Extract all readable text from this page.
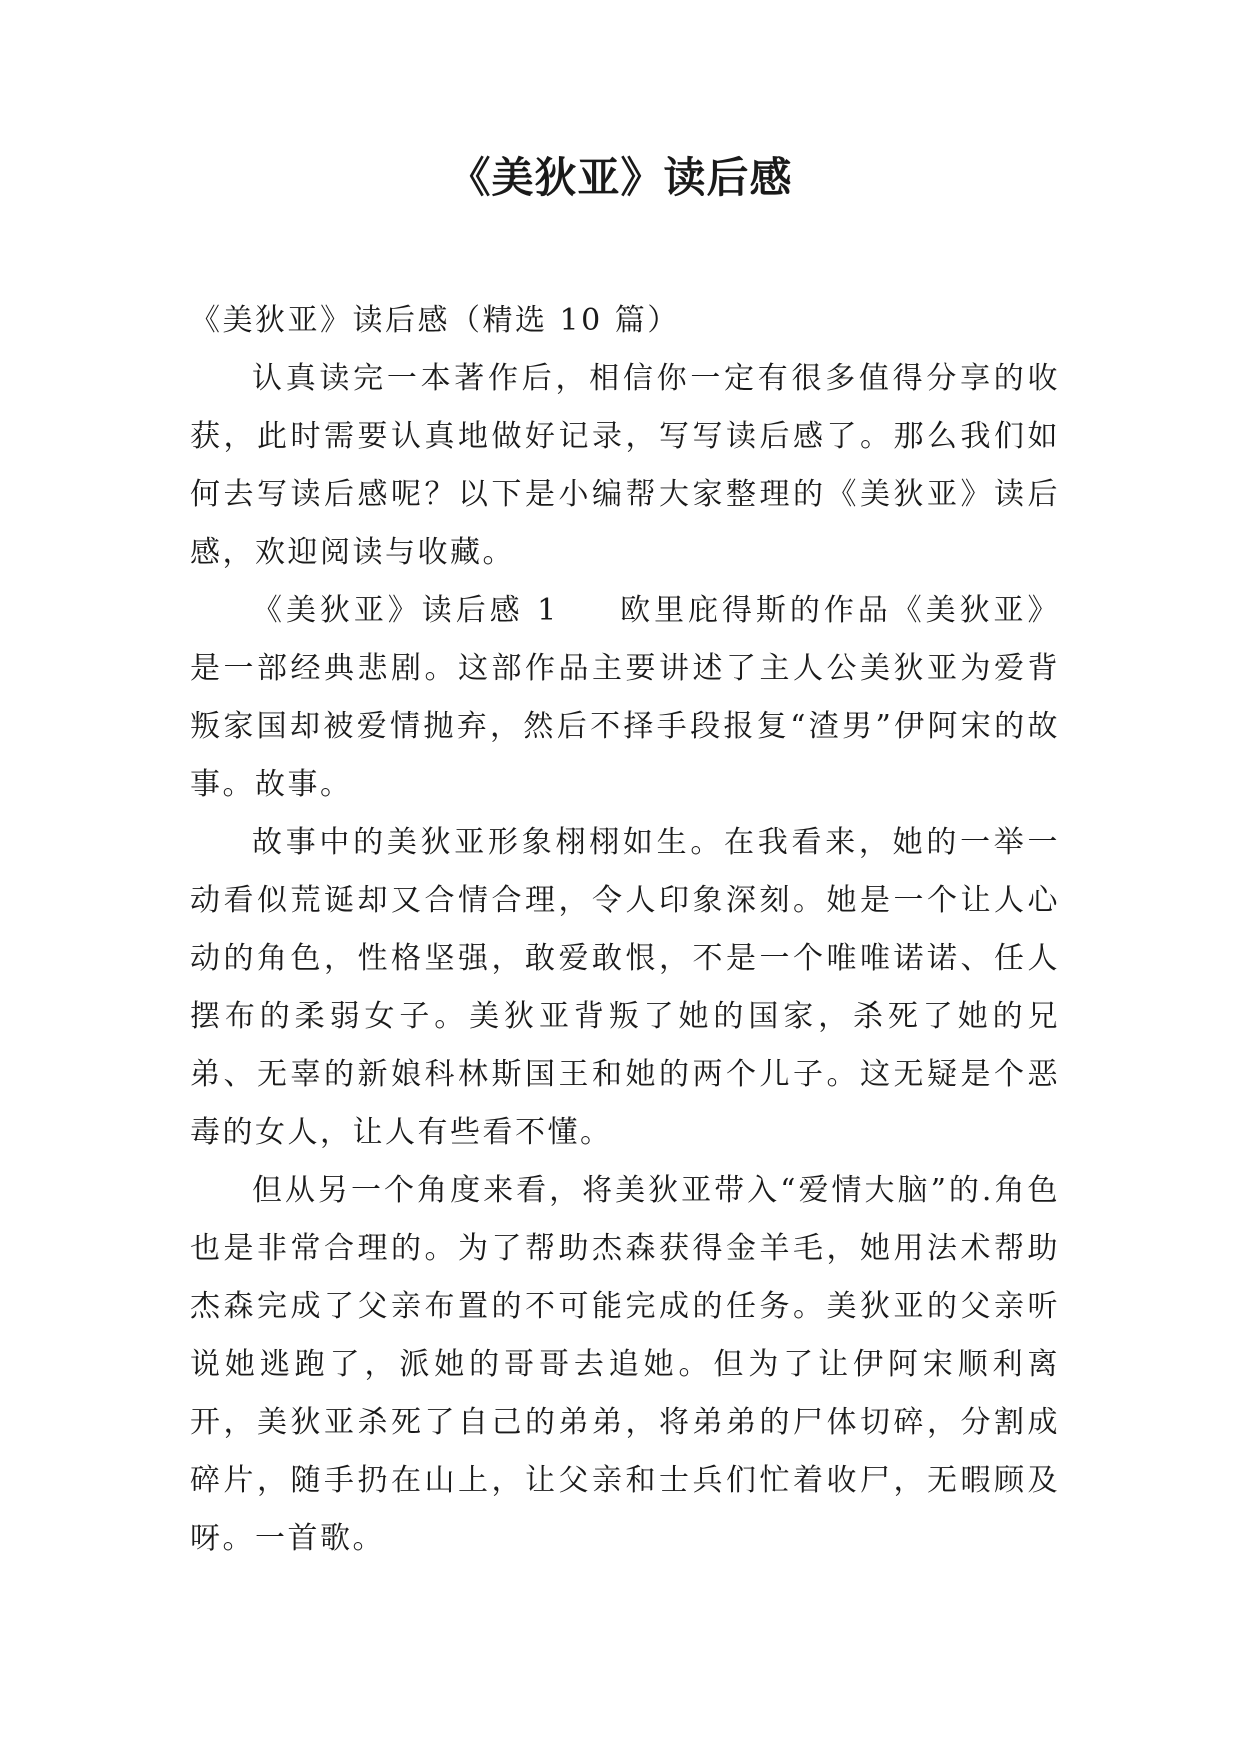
《美狄亚》读后感

《美狄亚》读后感（精选 10 篇）

认真读完一本著作后，相信你一定有很多值得分享的收获，此时需要认真地做好记录，写写读后感了。那么我们如何去写读后感呢？以下是小编帮大家整理的《美狄亚》读后感，欢迎阅读与收藏。

《美狄亚》读后感 1 欧里庇得斯的作品《美狄亚》是一部经典悲剧。这部作品主要讲述了主人公美狄亚为爱背叛家国却被爱情抛弃，然后不择手段报复“渣男”伊阿宋的故事。故事。

故事中的美狄亚形象栩栩如生。在我看来，她的一举一动看似荒诞却又合情合理，令人印象深刻。她是一个让人心动的角色，性格坚强，敢爱敢恨，不是一个唯唯诺诺、任人摆布的柔弱女子。美狄亚背叛了她的国家，杀死了她的兄弟、无辜的新娘科林斯国王和她的两个儿子。这无疑是个恶毒的女人，让人有些看不懂。

但从另一个角度来看，将美狄亚带入“爱情大脑”的.角色也是非常合理的。为了帮助杰森获得金羊毛，她用法术帮助杰森完成了父亲布置的不可能完成的任务。美狄亚的父亲听说她逃跑了，派她的哥哥去追她。但为了让伊阿宋顺利离开，美狄亚杀死了自己的弟弟，将弟弟的尸体切碎，分割成碎片，随手扔在山上，让父亲和士兵们忙着收尸，无暇顾及呀。一首歌。
